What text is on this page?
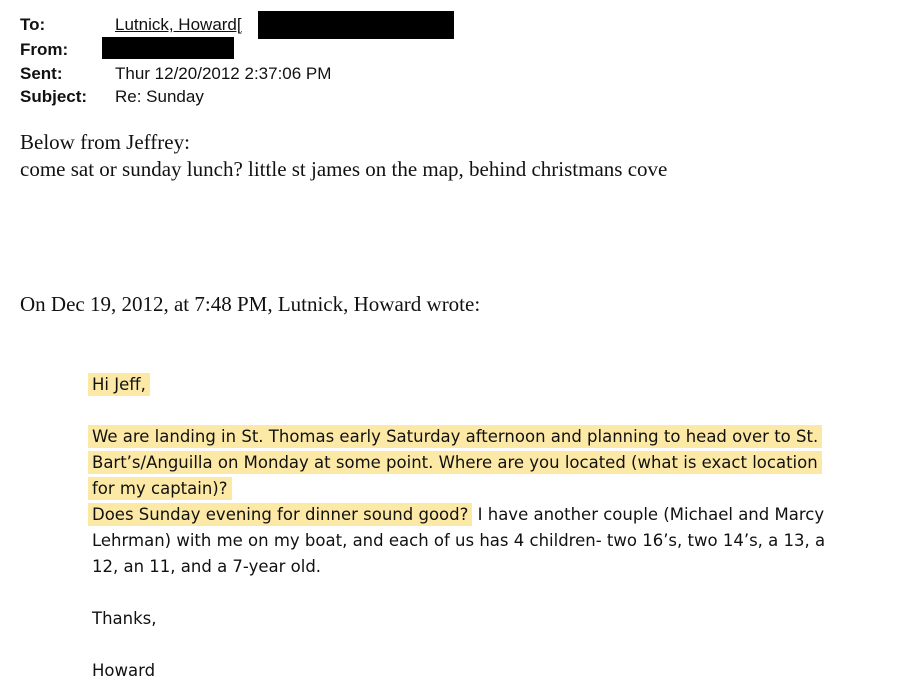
To:	Lutnick, Howard[
From:
Sent:	Thur 12/20/2012 2:37:06 PM
Subject: Re: Sunday
Below from Jeffrey:
come sat or sunday lunch? little st james on the map, behind christmans cove
On Dec 19, 2012, at 7:48 PM, Lutnick, Howard wrote:
Hi Jeff,
We are landing in St. Thomas early Saturday afternoon and planning to head over to St.
Bart’s/Anguilla on Monday at some point. Where are you located (what is exact location
for my captain)?
Does Sunday evening for dinner sound good? I have another couple (Michael and Marcy
Lehrman) with me on my boat, and each of us has 4 children- two 16’s, two 14’s, a 13, a
12, an 11, and a 7-year old.
Thanks,
Howard
